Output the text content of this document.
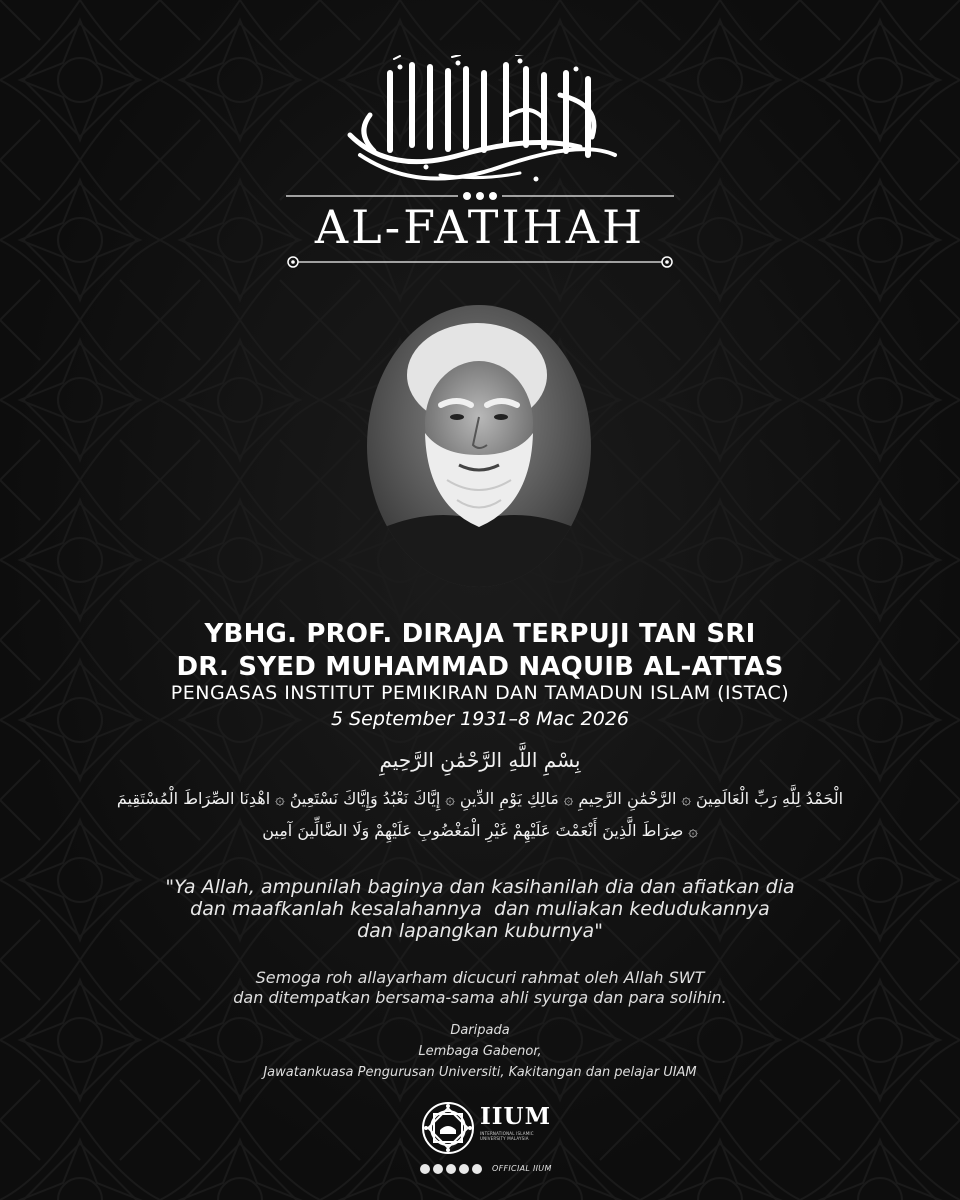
AL-FATIHAH
YBHG. PROF. DIRAJA TERPUJI TAN SRI
DR. SYED MUHAMMAD NAQUIB AL-ATTAS
PENGASAS INSTITUT PEMIKIRAN DAN TAMADUN ISLAM (ISTAC)
5 September 1931–8 Mac 2026
بِسْمِ اللَّهِ الرَّحْمَٰنِ الرَّحِيمِ
الْحَمْدُ لِلَّهِ رَبِّ الْعَالَمِينَ ۞ الرَّحْمَٰنِ الرَّحِيمِ ۞ مَالِكِ يَوْمِ الدِّينِ ۞ إِيَّاكَ نَعْبُدُ وَإِيَّاكَ نَسْتَعِينُ ۞ اهْدِنَا الصِّرَاطَ الْمُسْتَقِيمَ
۞ صِرَاطَ الَّذِينَ أَنْعَمْتَ عَلَيْهِمْ غَيْرِ الْمَغْضُوبِ عَلَيْهِمْ وَلَا الضَّالِّينَ آمِين
"Ya Allah, ampunilah baginya dan kasihanilah dia dan afiatkan dia
dan maafkanlah kesalahannya  dan muliakan kedudukannya
dan lapangkan kuburnya"
Semoga roh allayarham dicucuri rahmat oleh Allah SWT
dan ditempatkan bersama-sama ahli syurga dan para solihin.
Daripada
Lembaga Gabenor,
Jawatankuasa Pengurusan Universiti, Kakitangan dan pelajar UIAM
IIUM
INTERNATIONAL ISLAMIC UNIVERSITY MALAYSIA
OFFICIAL IIUM
